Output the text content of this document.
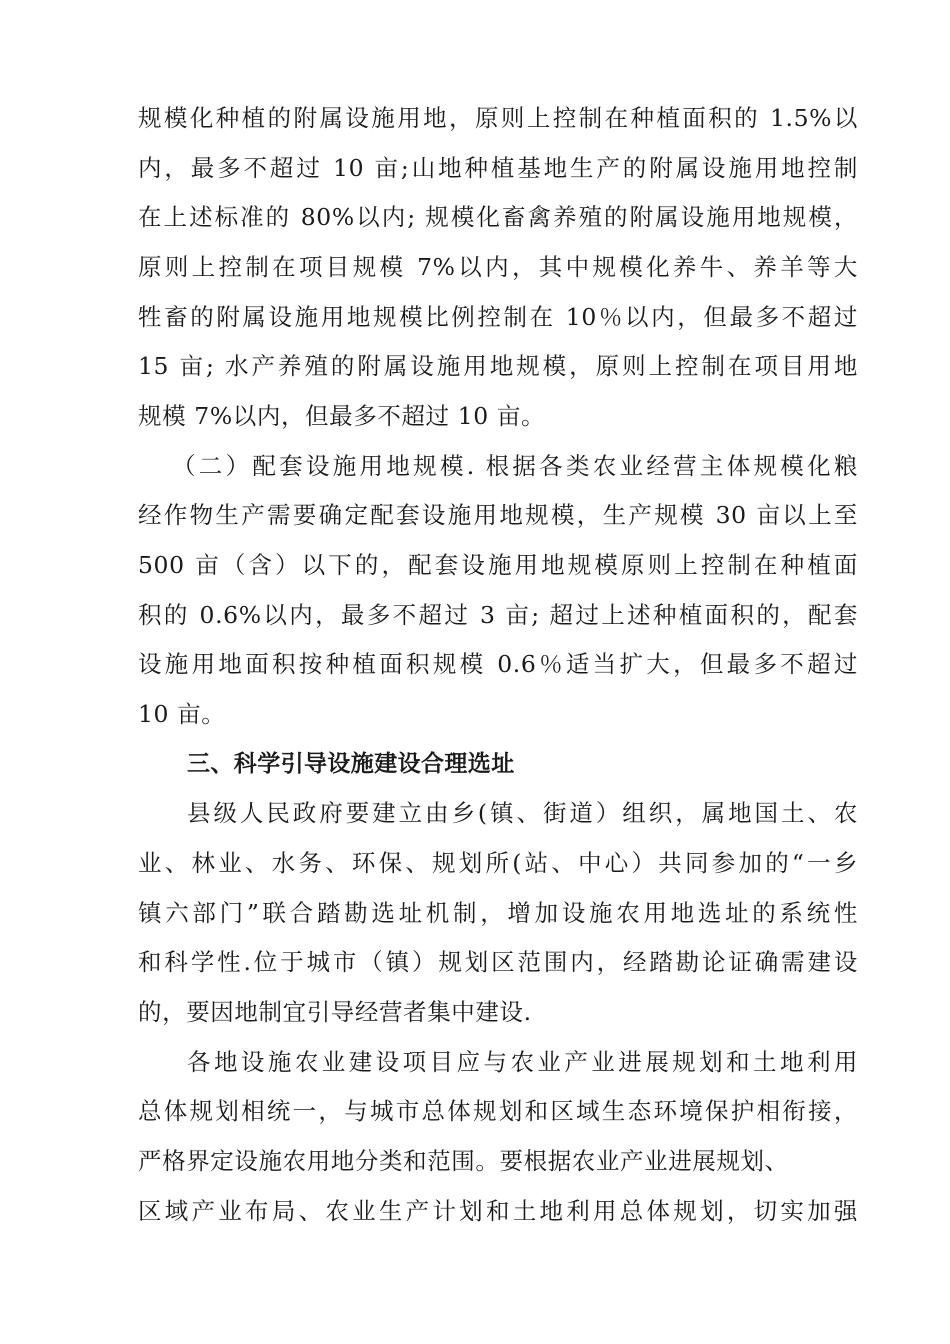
规模化种植的附属设施用地，原则上控制在种植面积的 1.5%以
内，最多不超过 10 亩;山地种植基地生产的附属设施用地控制
在上述标准的 80%以内; 规模化畜禽养殖的附属设施用地规模，
原则上控制在项目规模 7%以内，其中规模化养牛、养羊等大
牲畜的附属设施用地规模比例控制在 10％以内，但最多不超过
15 亩; 水产养殖的附属设施用地规模，原则上控制在项目用地
规模 7%以内，但最多不超过 10 亩。
（二）配套设施用地规模. 根据各类农业经营主体规模化粮
经作物生产需要确定配套设施用地规模，生产规模 30 亩以上至
500 亩（含）以下的，配套设施用地规模原则上控制在种植面
积的 0.6%以内，最多不超过 3 亩; 超过上述种植面积的，配套
设施用地面积按种植面积规模 0.6％适当扩大，但最多不超过
10 亩。
三、科学引导设施建设合理选址
县级人民政府要建立由乡(镇、街道）组织，属地国土、农
业、林业、水务、环保、规划所(站、中心）共同参加的“一乡
镇六部门”联合踏勘选址机制，增加设施农用地选址的系统性
和科学性.位于城市（镇）规划区范围内，经踏勘论证确需建设
的，要因地制宜引导经营者集中建设.
各地设施农业建设项目应与农业产业进展规划和土地利用
总体规划相统一，与城市总体规划和区域生态环境保护相衔接，
严格界定设施农用地分类和范围。要根据农业产业进展规划、
区域产业布局、农业生产计划和土地利用总体规划，切实加强
